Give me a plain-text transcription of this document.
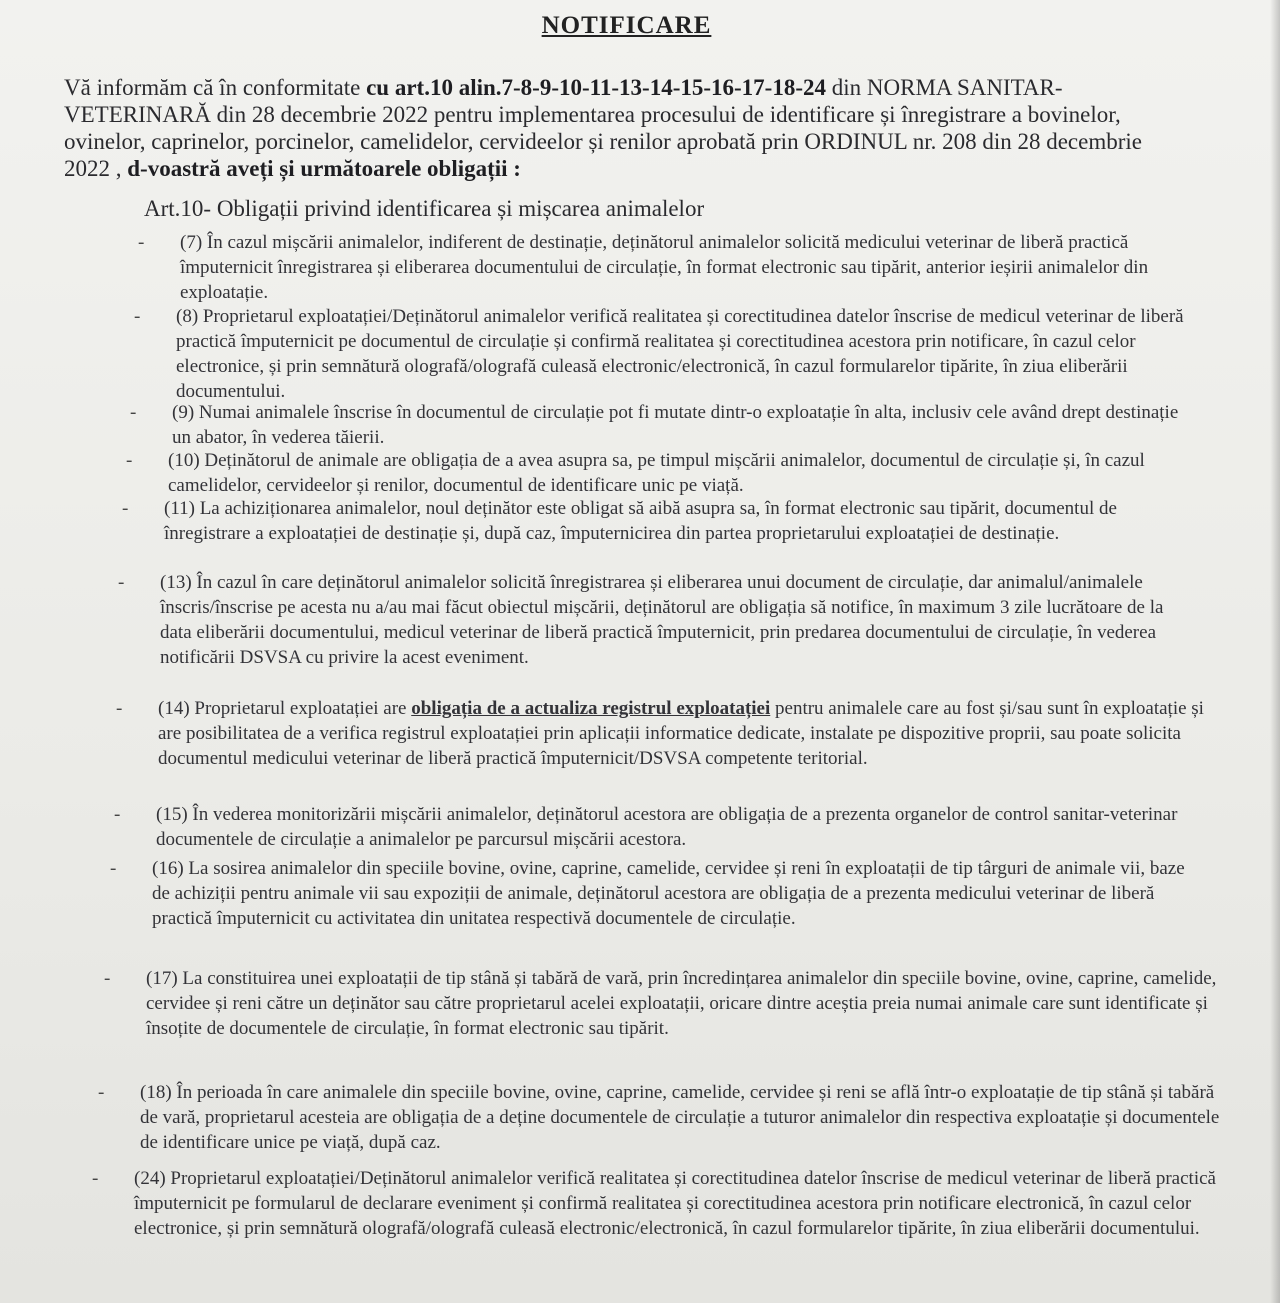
NOTIFICARE
Vă informăm că în conformitate cu art.10 alin.7-8-9-10-11-13-14-15-16-17-18-24 din NORMA SANITAR-VETERINARĂ din 28 decembrie 2022 pentru implementarea procesului de identificare și înregistrare a bovinelor, ovinelor, caprinelor, porcinelor, camelidelor, cervideelor și renilor aprobată prin ORDINUL nr. 208 din 28 decembrie 2022 , d-voastră aveți și următoarele obligații :
Art.10- Obligații privind identificarea și mișcarea animalelor
- (7) În cazul mișcării animalelor, indiferent de destinație, deținătorul animalelor solicită medicului veterinar de liberă practică împuternicit înregistrarea și eliberarea documentului de circulație, în format electronic sau tipărit, anterior ieșirii animalelor din exploatație.
- (8) Proprietarul exploatației/Deținătorul animalelor verifică realitatea și corectitudinea datelor înscrise de medicul veterinar de liberă practică împuternicit pe documentul de circulație și confirmă realitatea și corectitudinea acestora prin notificare, în cazul celor electronice, și prin semnătură olografă/olografă culeasă electronic/electronică, în cazul formularelor tipărite, în ziua eliberării documentului.
- (9) Numai animalele înscrise în documentul de circulație pot fi mutate dintr-o exploatație în alta, inclusiv cele având drept destinație un abator, în vederea tăierii.
- (10) Deținătorul de animale are obligația de a avea asupra sa, pe timpul mișcării animalelor, documentul de circulație și, în cazul camelidelor, cervideelor și renilor, documentul de identificare unic pe viață.
- (11) La achiziționarea animalelor, noul deținător este obligat să aibă asupra sa, în format electronic sau tipărit, documentul de înregistrare a exploatației de destinație și, după caz, împuternicirea din partea proprietarului exploatației de destinație.
- (13) În cazul în care deținătorul animalelor solicită înregistrarea și eliberarea unui document de circulație, dar animalul/animalele înscris/înscrise pe acesta nu a/au mai făcut obiectul mișcării, deținătorul are obligația să notifice, în maximum 3 zile lucrătoare de la data eliberării documentului, medicul veterinar de liberă practică împuternicit, prin predarea documentului de circulație, în vederea notificării DSVSA cu privire la acest eveniment.
- (14) Proprietarul exploatației are obligația de a actualiza registrul exploatației pentru animalele care au fost și/sau sunt în exploatație și are posibilitatea de a verifica registrul exploatației prin aplicații informatice dedicate, instalate pe dispozitive proprii, sau poate solicita documentul medicului veterinar de liberă practică împuternicit/DSVSA competente teritorial.
- (15) În vederea monitorizării mișcării animalelor, deținătorul acestora are obligația de a prezenta organelor de control sanitar-veterinar documentele de circulație a animalelor pe parcursul mișcării acestora.
- (16) La sosirea animalelor din speciile bovine, ovine, caprine, camelide, cervidee și reni în exploatații de tip târguri de animale vii, baze de achiziții pentru animale vii sau expoziții de animale, deținătorul acestora are obligația de a prezenta medicului veterinar de liberă practică împuternicit cu activitatea din unitatea respectivă documentele de circulație.
- (17) La constituirea unei exploatații de tip stână și tabără de vară, prin încredințarea animalelor din speciile bovine, ovine, caprine, camelide, cervidee și reni către un deținător sau către proprietarul acelei exploatații, oricare dintre aceștia preia numai animale care sunt identificate și însoțite de documentele de circulație, în format electronic sau tipărit.
- (18) În perioada în care animalele din speciile bovine, ovine, caprine, camelide, cervidee și reni se află într-o exploatație de tip stână și tabără de vară, proprietarul acesteia are obligația de a deține documentele de circulație a tuturor animalelor din respectiva exploatație și documentele de identificare unice pe viață, după caz.
- (24) Proprietarul exploatației/Deținătorul animalelor verifică realitatea și corectitudinea datelor înscrise de medicul veterinar de liberă practică împuternicit pe formularul de declarare eveniment și confirmă realitatea și corectitudinea acestora prin notificare electronică, în cazul celor electronice, și prin semnătură olografă/olografă culeasă electronic/electronică, în cazul formularelor tipărite, în ziua eliberării documentului.
